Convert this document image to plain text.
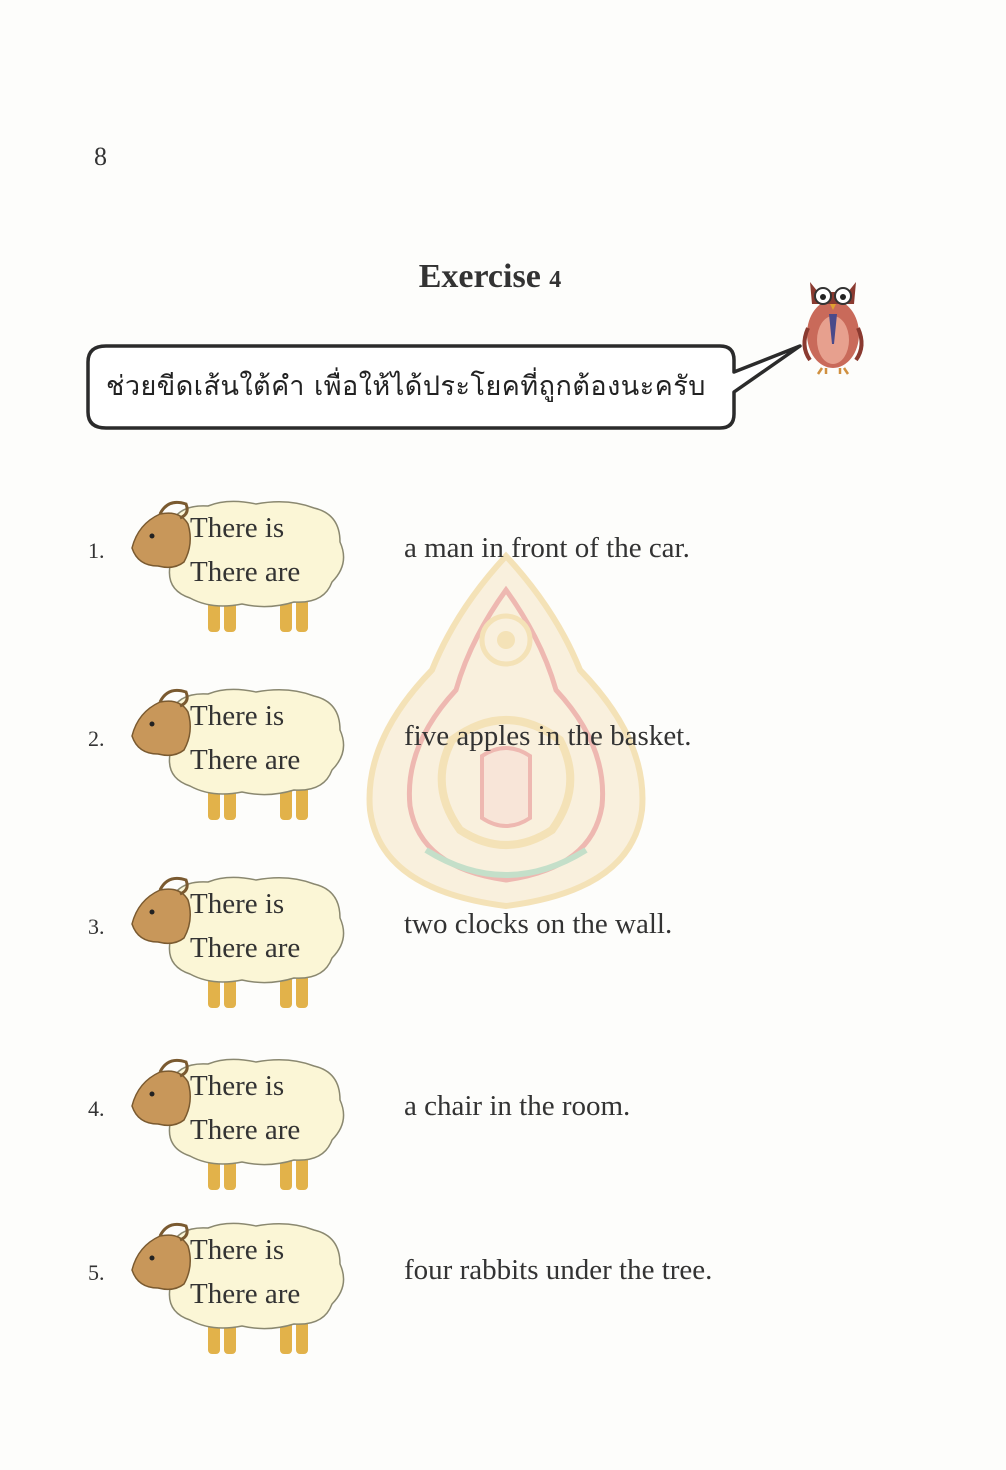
8
Exercise 4
ช่วยขีดเส้นใต้คำ เพื่อให้ได้ประโยคที่ถูกต้องนะครับ
1.
There is
There are
a man in front of the car.
2.
There is
There are
five apples in the basket.
3.
There is
There are
two clocks on the wall.
4.
There is
There are
a chair in the room.
5.
There is
There are
four rabbits under the tree.
